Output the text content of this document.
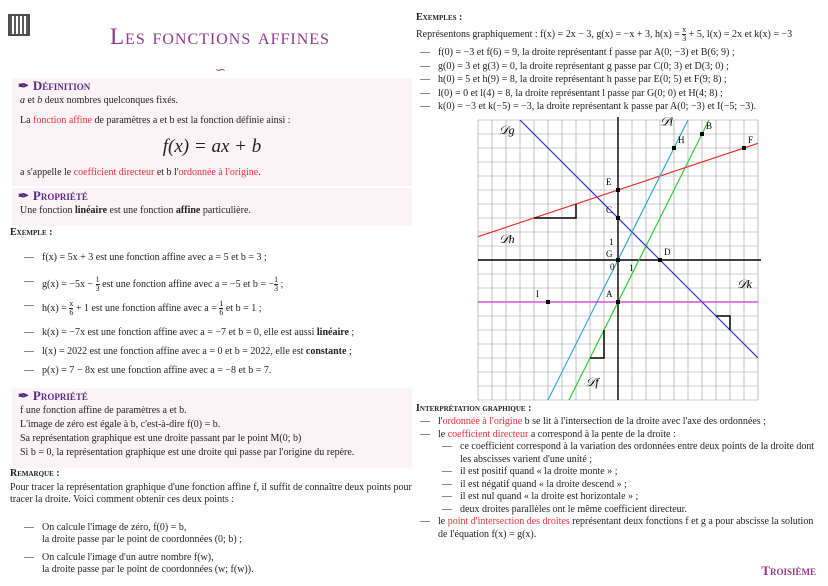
Les fonctions affines
∽
✒ Définition
a et b deux nombres quelconques fixés.
La fonction affine de paramètres a et b est la fonction définie ainsi :
f(x) = ax + b
a s'appelle le coefficient directeur et b l'ordonnée à l'origine.
✒ Propriété
Une fonction linéaire est une fonction affine particulière.
Exemple :
— f(x) = 5x + 3 est une fonction affine avec a = 5 et b = 3 ;
— $g(x) = -5x - \frac{1}{3}$ est une fonction affine avec a = −5 et b = − $\frac{1}{3}$ ;
— $h(x) = \frac{x}{6} + 1$ est une fonction affine avec $a = \frac{1}{6}$ et b = 1 ;
— k(x) = −7x est une fonction affine avec a = −7 et b = 0, elle est aussi linéaire ;
— l(x) = 2022 est une fonction affine avec a = 0 et b = 2022, elle est constante ;
— p(x) = 7 − 8x est une fonction affine avec a = −8 et b = 7.
✒ Propriété
f une fonction affine de paramètres a et b.
L'image de zéro est égale à b, c'est-à-dire f(0) = b.
Sa représentation graphique est une droite passant par le point M(0; b)
Si b = 0, la représentation graphique est une droite qui passe par l'origine du repère.
Remarque :
Pour tracer la représentation graphique d'une fonction affine f, il suffit de connaître deux points pour tracer la droite. Voici comment obtenir ces deux points :
— On calcule l'image de zéro, f(0) = b,
la droite passe par le point de coordonnées (0; b) ;
— On calcule l'image d'un autre nombre f(w),
la droite passe par le point de coordonnées (w; f(w)).
Exemples :
Représentons graphiquement : f(x) = 2x − 3, g(x) = −x + 3, $h(x) = \frac{x}{3} + 5$, l(x) = 2x et k(x) = −3
— f(0) = −3 et f(6) = 9, la droite représentant f passe par A(0; −3) et B(6; 9) ;
— g(0) = 3 et g(3) = 0, la droite représentant g passe par C(0; 3) et D(3; 0) ;
— h(0) = 5 et h(9) = 8, la droite représentant h passe par E(0; 5) et F(9; 8) ;
— l(0) = 0 et l(4) = 8, la droite représentant l passe par G(0; 0) et H(4; 8) ;
— k(0) = −3 et k(−5) = −3, la droite représentant k passe par A(0; −3) et I(−5; −3).
𝒟f
𝒟g
𝒟h
𝒟l
𝒟k
A
B
C
D
E
F
G
H
I
0 1
1
Interprétation graphique :
— l'ordonnée à l'origine b se lit à l'intersection de la droite avec l'axe des ordonnées ;
— le coefficient directeur a correspond à la pente de la droite :
— ce coefficient correspond à la variation des ordonnées entre deux points de la droite dont les abscisses varient d'une unité ;
— il est positif quand « la droite monte » ;
— il est négatif quand « la droite descend » ;
— il est nul quand « la droite est horizontale » ;
— deux droites parallèles ont le même coefficient directeur.
— le point d'intersection des droites représentant deux fonctions f et g a pour abscisse la solution de l'équation f(x) = g(x).
Troisième
